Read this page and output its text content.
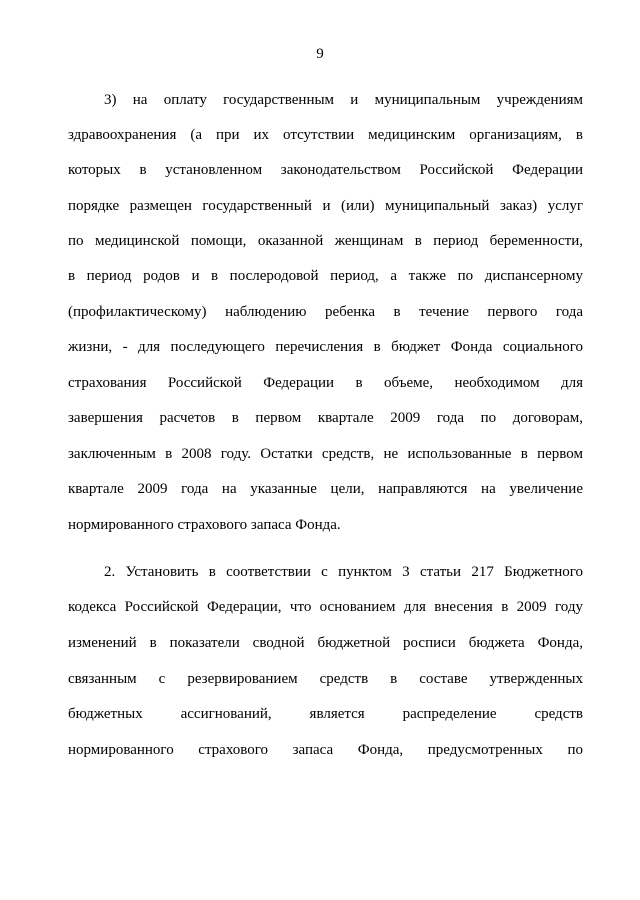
9
3) на оплату государственным и муниципальным учреждениям
здравоохранения (а при их отсутствии медицинским организациям, в
которых в установленном законодательством Российской Федерации
порядке размещен государственный и (или) муниципальный заказ) услуг
по медицинской помощи, оказанной женщинам в период беременности,
в период родов и в послеродовой период, а также по диспансерному
(профилактическому) наблюдению ребенка в течение первого года
жизни, - для последующего перечисления в бюджет Фонда социального
страхования Российской Федерации в объеме, необходимом для
завершения расчетов в первом квартале 2009 года по договорам,
заключенным в 2008 году. Остатки средств, не использованные в первом
квартале 2009 года на указанные цели, направляются на увеличение
нормированного страхового запаса Фонда.
2. Установить в соответствии с пунктом 3 статьи 217 Бюджетного
кодекса Российской Федерации, что основанием для внесения в 2009 году
изменений в показатели сводной бюджетной росписи бюджета Фонда,
связанным с резервированием средств в составе утвержденных
бюджетных ассигнований, является распределение средств
нормированного страхового запаса Фонда, предусмотренных по
